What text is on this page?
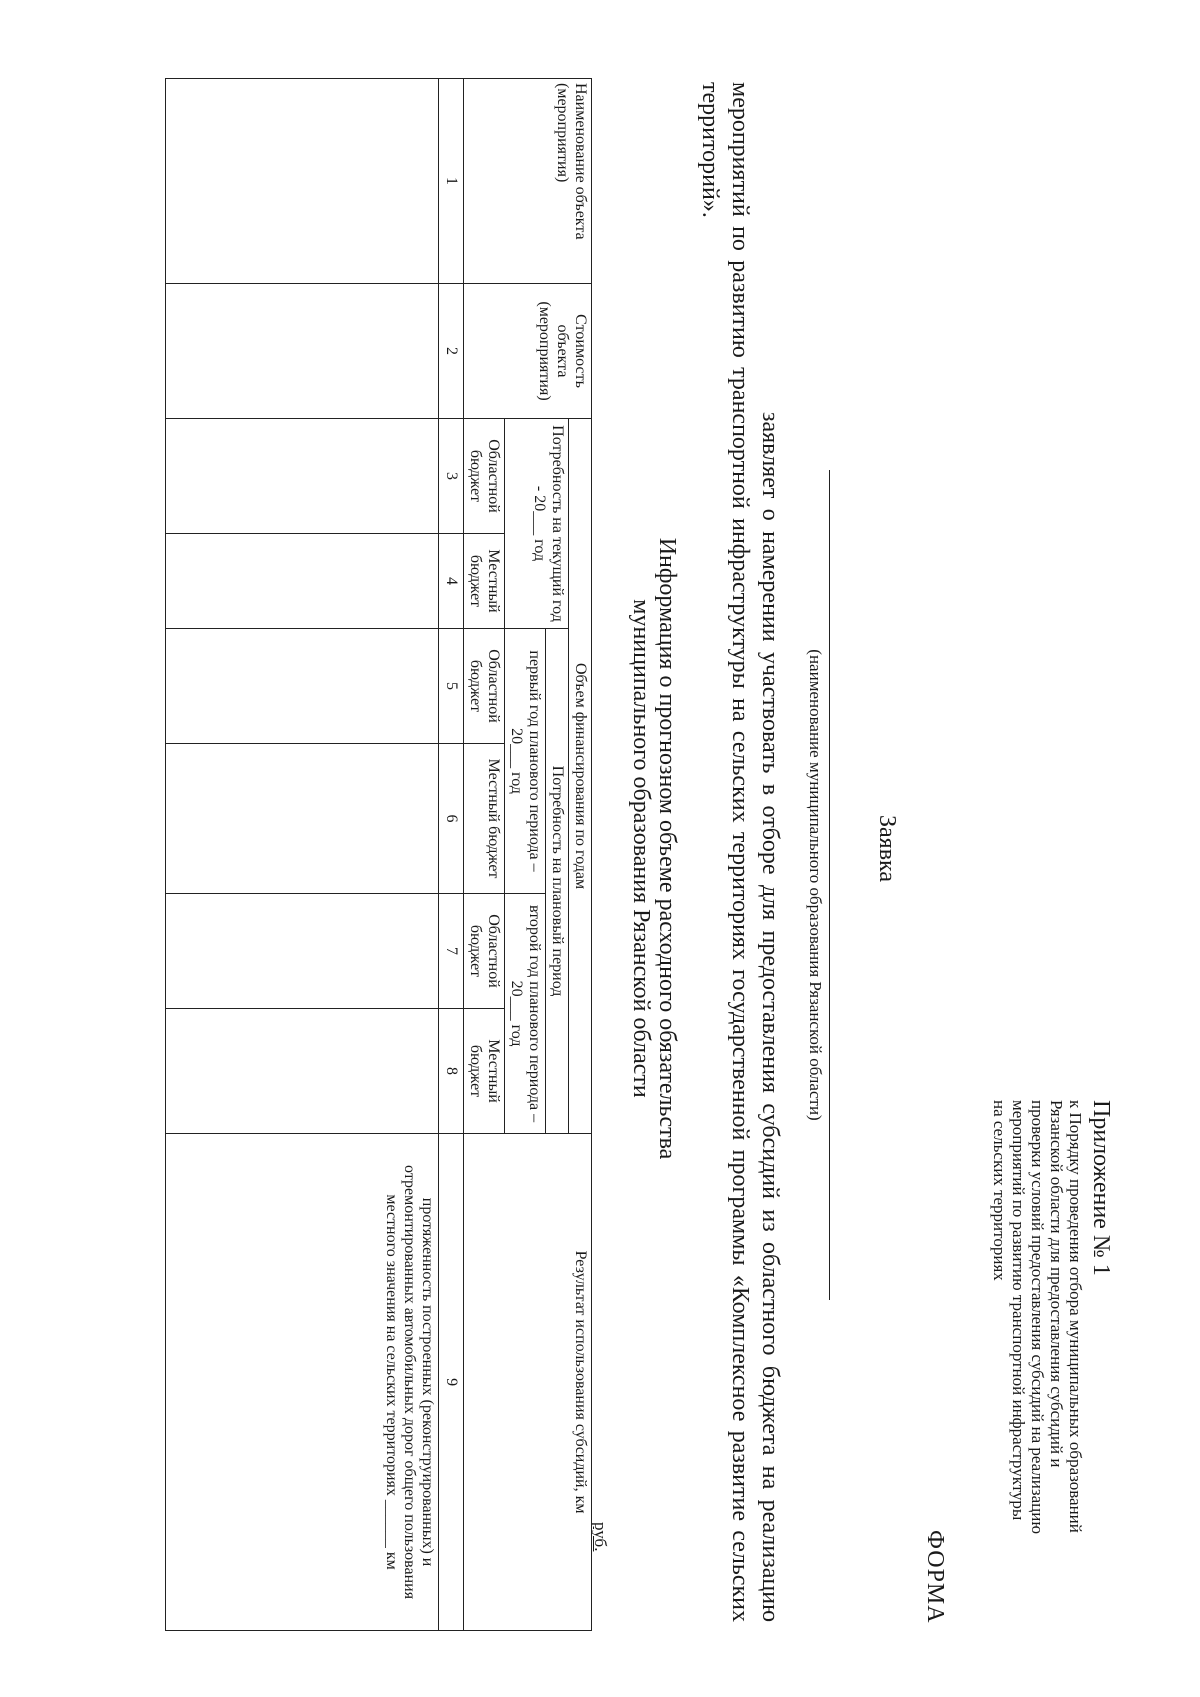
Приложение № 1
к Порядку проведения отбора муниципальных образований
Рязанской области для предоставления субсидий и
проверки условий предоставления субсидий на реализацию
мероприятий по развитию транспортной инфраструктуры
на сельских территориях
ФОРМА
Заявка
(наименование муниципального образования Рязанской области)
заявляет о намерении участвовать в отборе для предоставления субсидий из областного бюджета на реализацию мероприятий по развитию транспортной инфраструктуры на сельских территориях государственной программы «Комплексное развитие сельских территорий».
Информация о прогнозном объеме расходного обязательства
муниципального образования Рязанской области
руб.
Наименование объекта (мероприятия)	Стоимость объекта (мероприятия)	Объем финансирования по годам						Результат использования субсидий, км
		Потребность на текущий год - 20___ год		Потребность на плановый период				
				первый год планового периода – 20___ год		второй год планового периода – 20___ год		
		Областной бюджет	Местный бюджет	Областной бюджет	Местный бюджет	Областной бюджет	Местный бюджет	
1	2	3	4	5	6	7	8	9
								протяженность построенных (реконструированных) и отремонтированных автомобильных дорог общего пользования местного значения на сельских территориях ______ км
